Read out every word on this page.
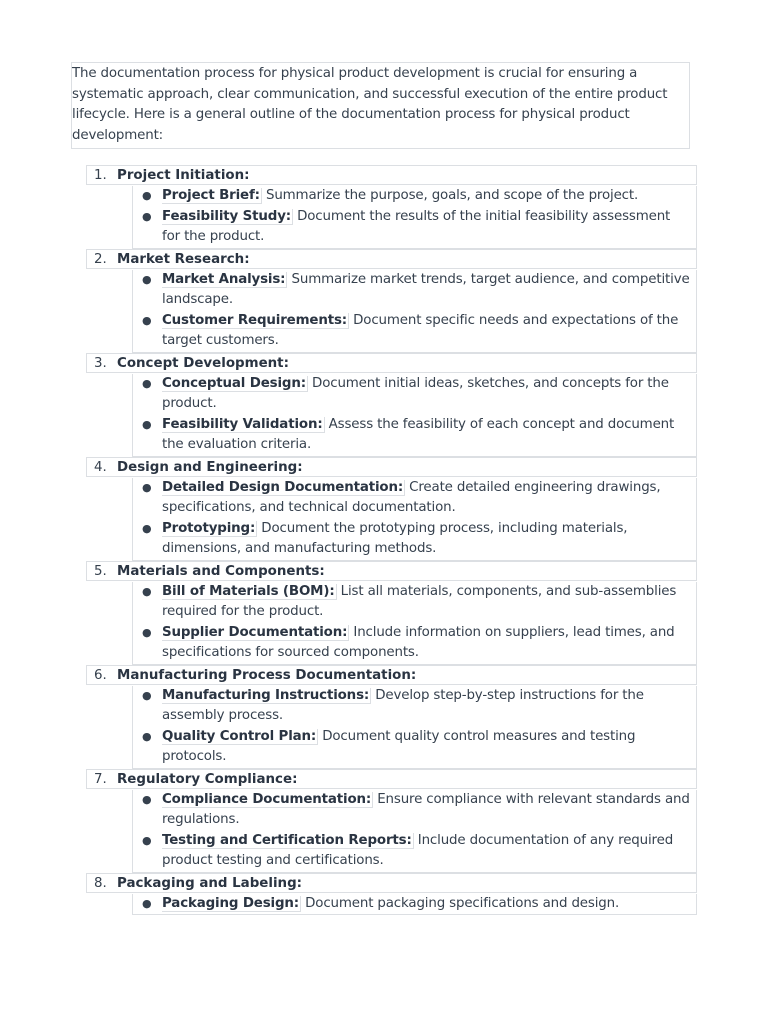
The documentation process for physical product development is crucial for ensuring a systematic approach, clear communication, and successful execution of the entire product lifecycle. Here is a general outline of the documentation process for physical product development:
1. Project Initiation:
● Project Brief: Summarize the purpose, goals, and scope of the project.
● Feasibility Study: Document the results of the initial feasibility assessment for the product.
2. Market Research:
● Market Analysis: Summarize market trends, target audience, and competitive landscape.
● Customer Requirements: Document specific needs and expectations of the target customers.
3. Concept Development:
● Conceptual Design: Document initial ideas, sketches, and concepts for the product.
● Feasibility Validation: Assess the feasibility of each concept and document the evaluation criteria.
4. Design and Engineering:
● Detailed Design Documentation: Create detailed engineering drawings, specifications, and technical documentation.
● Prototyping: Document the prototyping process, including materials, dimensions, and manufacturing methods.
5. Materials and Components:
● Bill of Materials (BOM): List all materials, components, and sub-assemblies required for the product.
● Supplier Documentation: Include information on suppliers, lead times, and specifications for sourced components.
6. Manufacturing Process Documentation:
● Manufacturing Instructions: Develop step-by-step instructions for the assembly process.
● Quality Control Plan: Document quality control measures and testing protocols.
7. Regulatory Compliance:
● Compliance Documentation: Ensure compliance with relevant standards and regulations.
● Testing and Certification Reports: Include documentation of any required product testing and certifications.
8. Packaging and Labeling:
● Packaging Design: Document packaging specifications and design.
